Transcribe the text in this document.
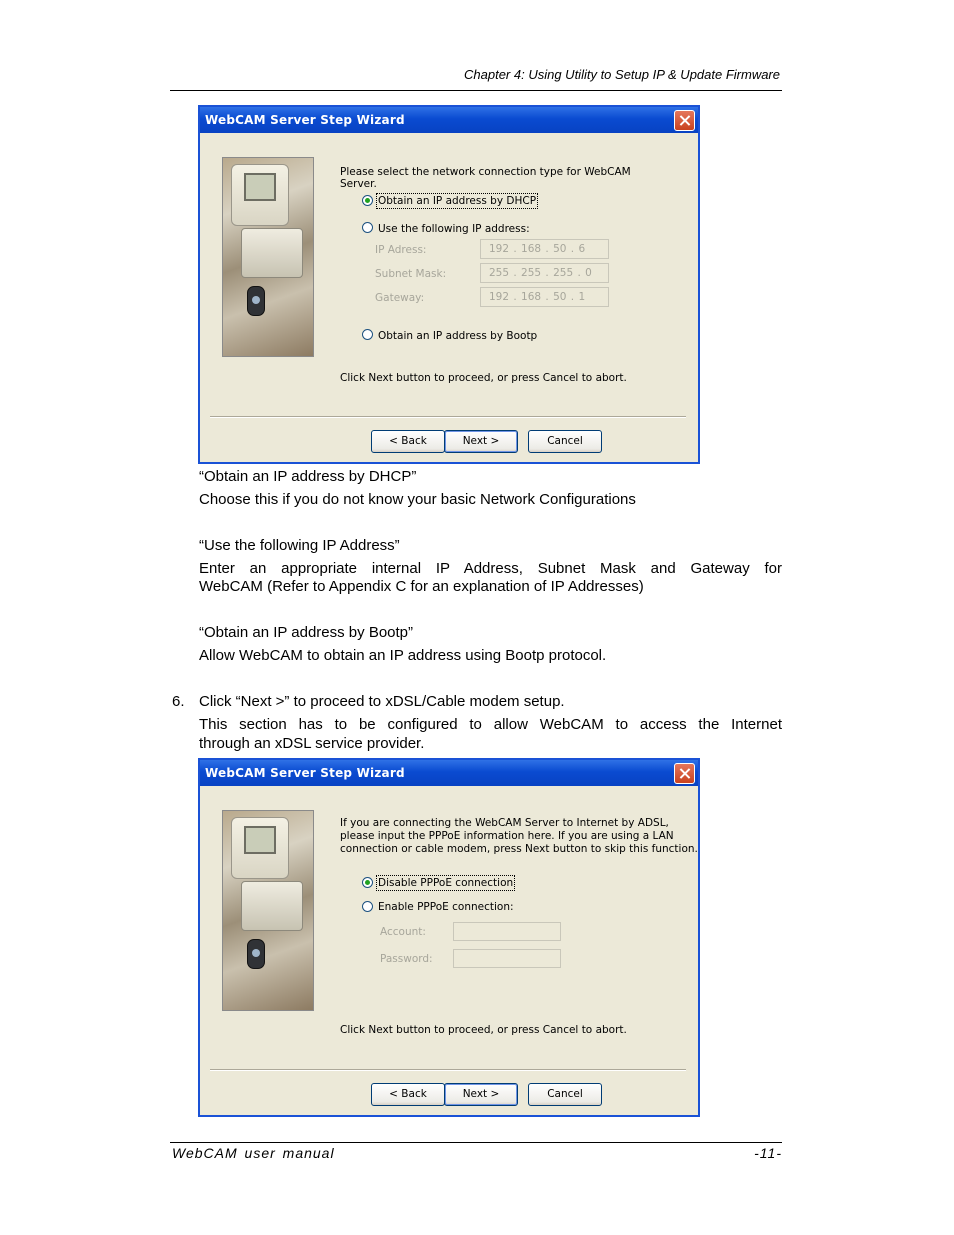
Chapter 4: Using Utility to Setup IP & Update Firmware
WebCAM Server Step Wizard
Please select the network connection type for WebCAM
Server.
Obtain an IP address by DHCP
Use the following IP address:
IP Adress:	192 . 168 . 50 . 6
Subnet Mask:	255 . 255 . 255 . 0
Gateway:	192 . 168 . 50 . 1
Obtain an IP address by Bootp
Click Next button to proceed, or press Cancel to abort.
< Back	Next >	Cancel
“Obtain an IP address by DHCP”
Choose this if you do not know your basic Network Configurations
“Use the following IP Address”
Enter an appropriate internal IP Address, Subnet Mask and Gateway for
WebCAM (Refer to Appendix C for an explanation of IP Addresses)
“Obtain an IP address by Bootp”
Allow WebCAM to obtain an IP address using Bootp protocol.
6. Click “Next >” to proceed to xDSL/Cable modem setup.
This section has to be configured to allow WebCAM to access the Internet
through an xDSL service provider.
WebCAM Server Step Wizard
If you are connecting the WebCAM Server to Internet by ADSL,
please input the PPPoE information here. If you are using a LAN
connection or cable modem, press Next button to skip this function.
Disable PPPoE connection
Enable PPPoE connection:
Account:
Password:
Click Next button to proceed, or press Cancel to abort.
< Back	Next >	Cancel
WebCAM user manual	-11-
